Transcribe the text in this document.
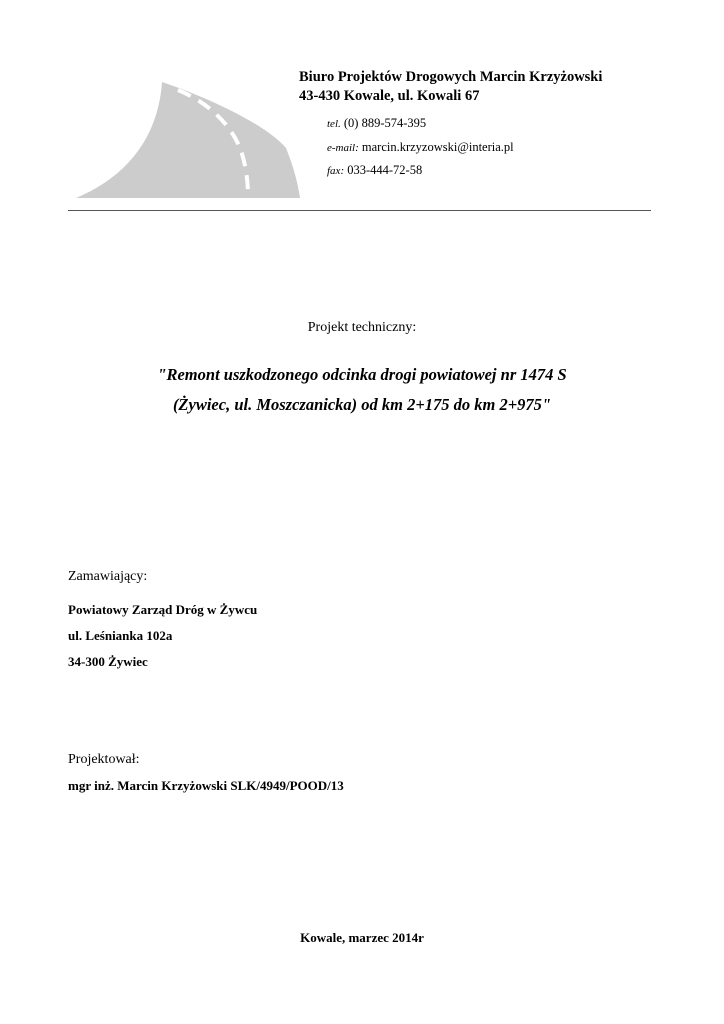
Biuro Projektów Drogowych Marcin Krzyżowski
43-430 Kowale, ul. Kowali 67
tel. (0) 889-574-395
e-mail: marcin.krzyzowski@interia.pl
fax: 033-444-72-58
Projekt techniczny:
"Remont uszkodzonego odcinka drogi powiatowej nr 1474 S
(Żywiec, ul. Moszczanicka) od km 2+175 do km 2+975"
Zamawiający:
Powiatowy Zarząd Dróg w Żywcu
ul. Leśnianka 102a
34-300 Żywiec
Projektował:
mgr inż. Marcin Krzyżowski SLK/4949/POOD/13
Kowale, marzec 2014r
